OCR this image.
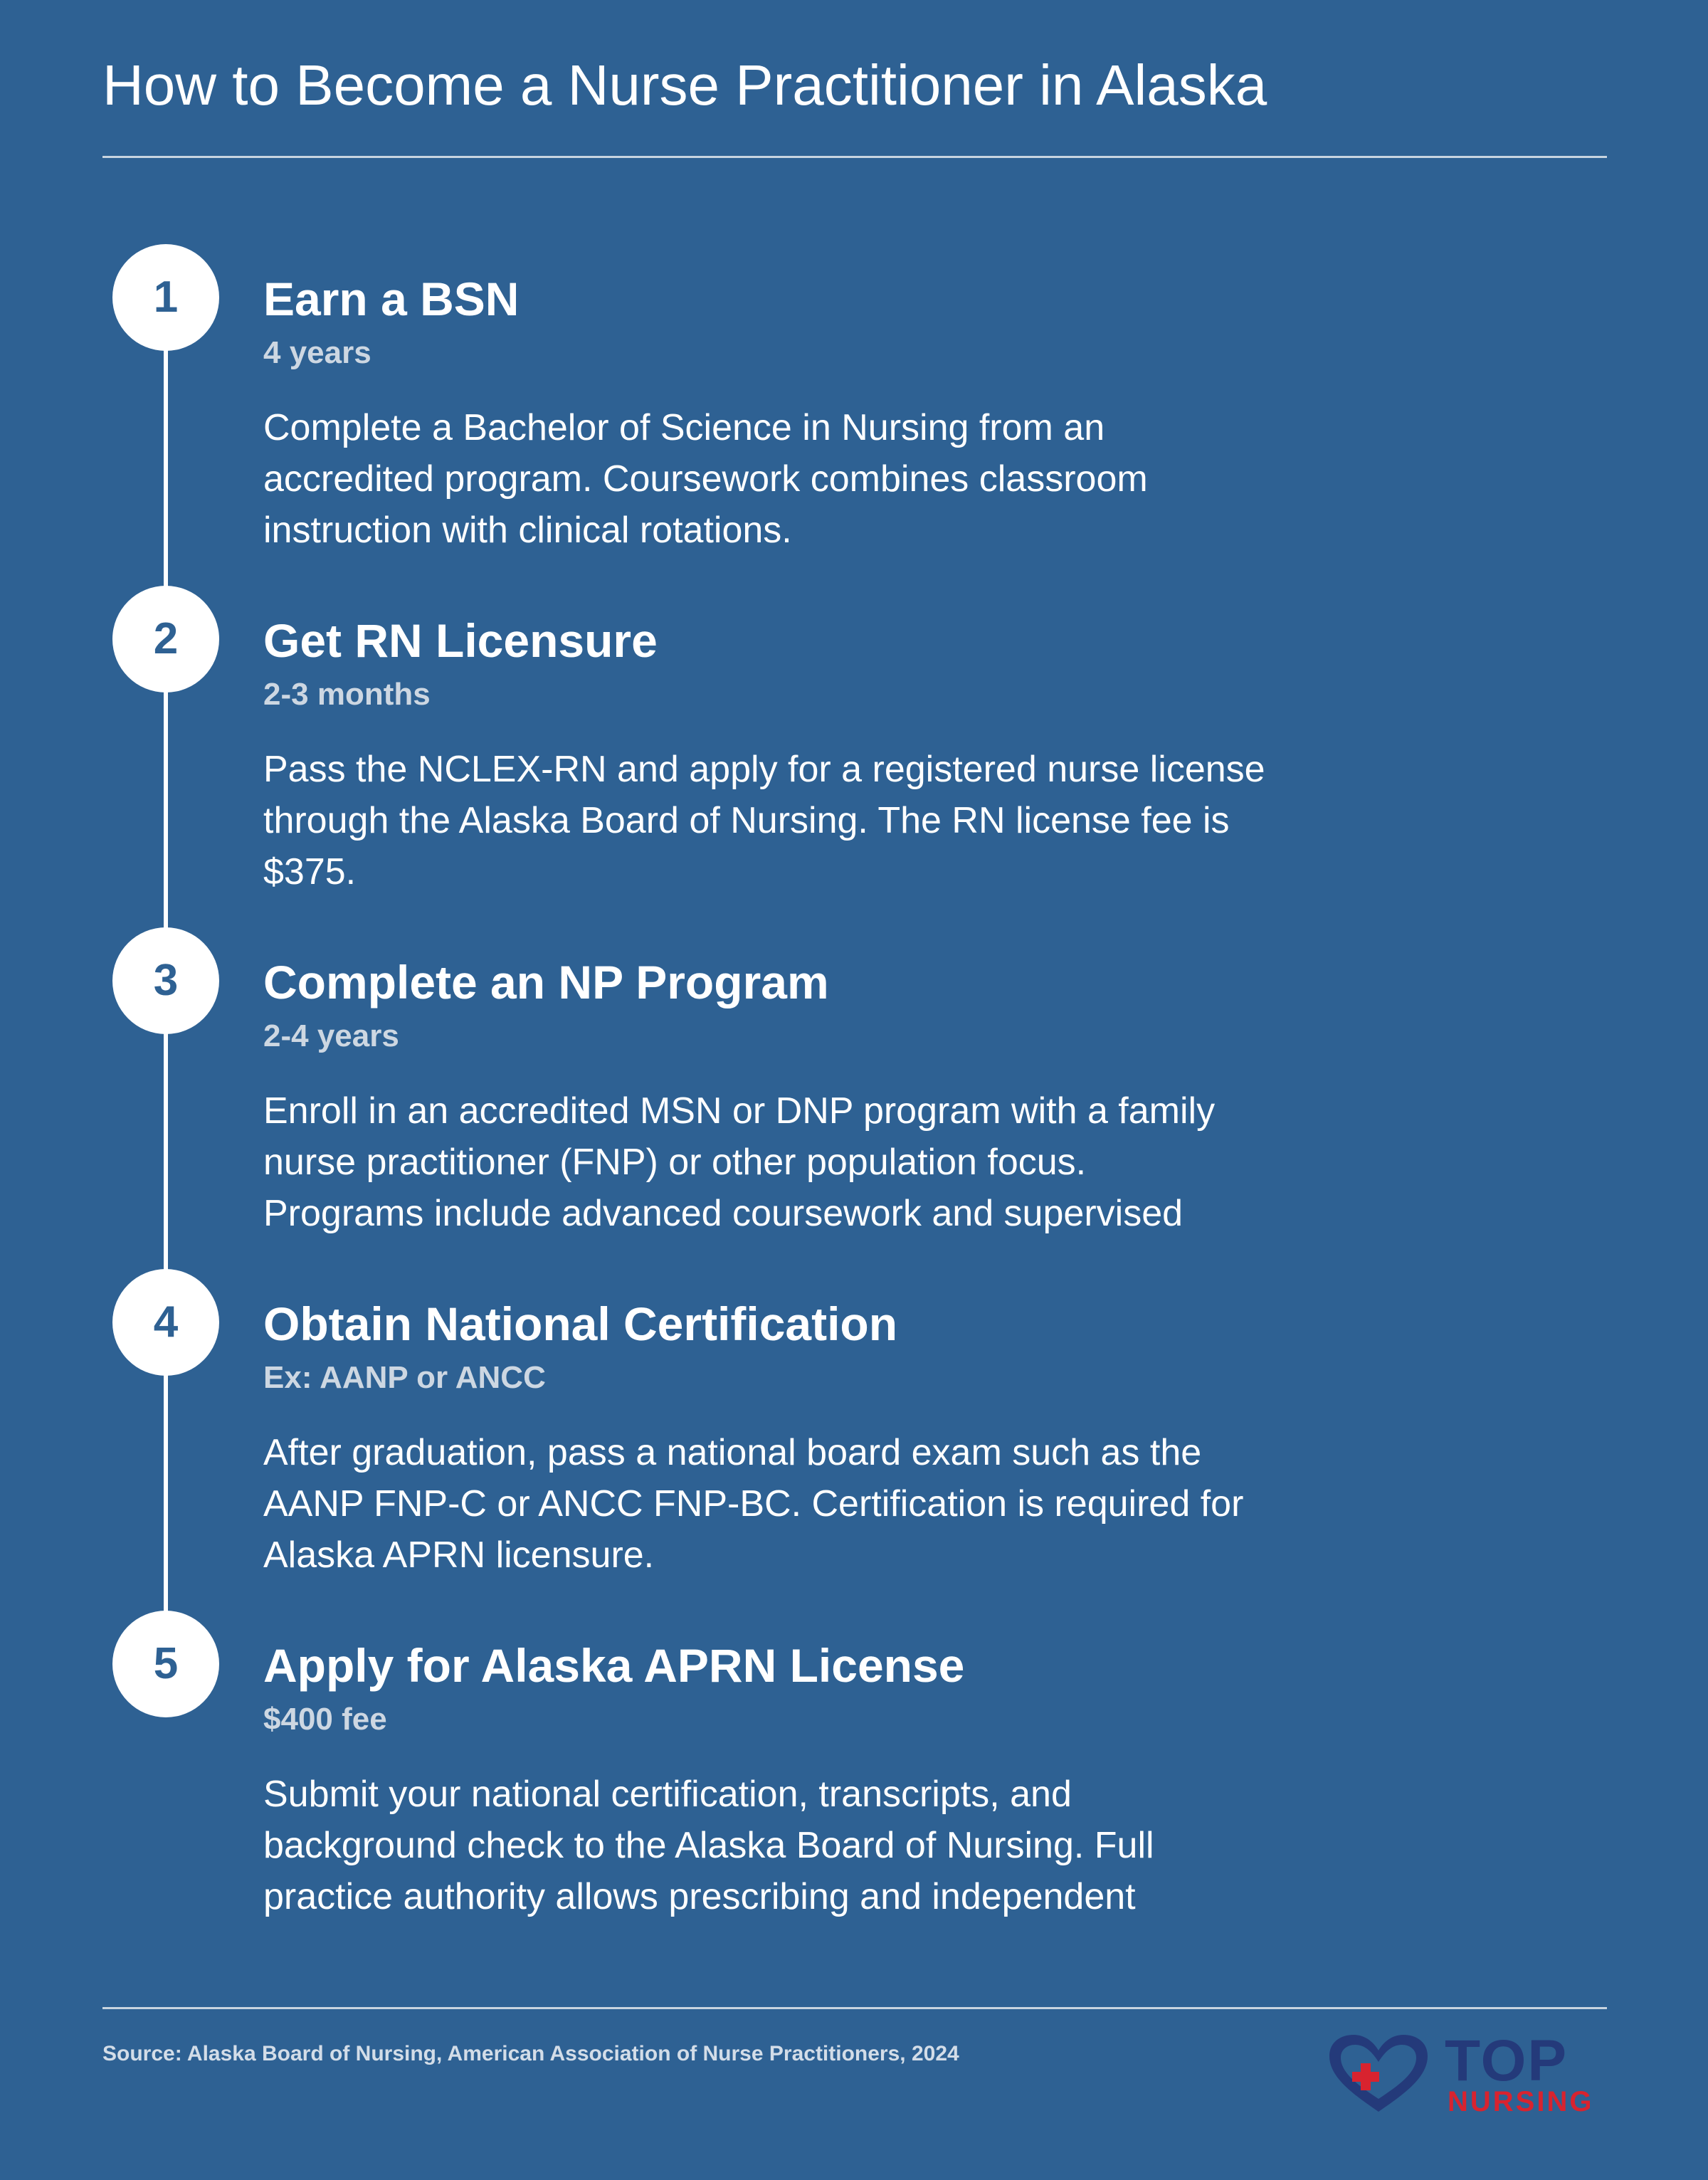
How to Become a Nurse Practitioner in Alaska
1	Earn a BSN
4 years
Complete a Bachelor of Science in Nursing from an
accredited program. Coursework combines classroom
instruction with clinical rotations.
2	Get RN Licensure
2-3 months
Pass the NCLEX-RN and apply for a registered nurse license
through the Alaska Board of Nursing. The RN license fee is
$375.
3	Complete an NP Program
2-4 years
Enroll in an accredited MSN or DNP program with a family
nurse practitioner (FNP) or other population focus.
Programs include advanced coursework and supervised
4	Obtain National Certification
Ex: AANP or ANCC
After graduation, pass a national board exam such as the
AANP FNP-C or ANCC FNP-BC. Certification is required for
Alaska APRN licensure.
5	Apply for Alaska APRN License
$400 fee
Submit your national certification, transcripts, and
background check to the Alaska Board of Nursing. Full
practice authority allows prescribing and independent
Source: Alaska Board of Nursing, American Association of Nurse Practitioners, 2024	TOP
NURSING
